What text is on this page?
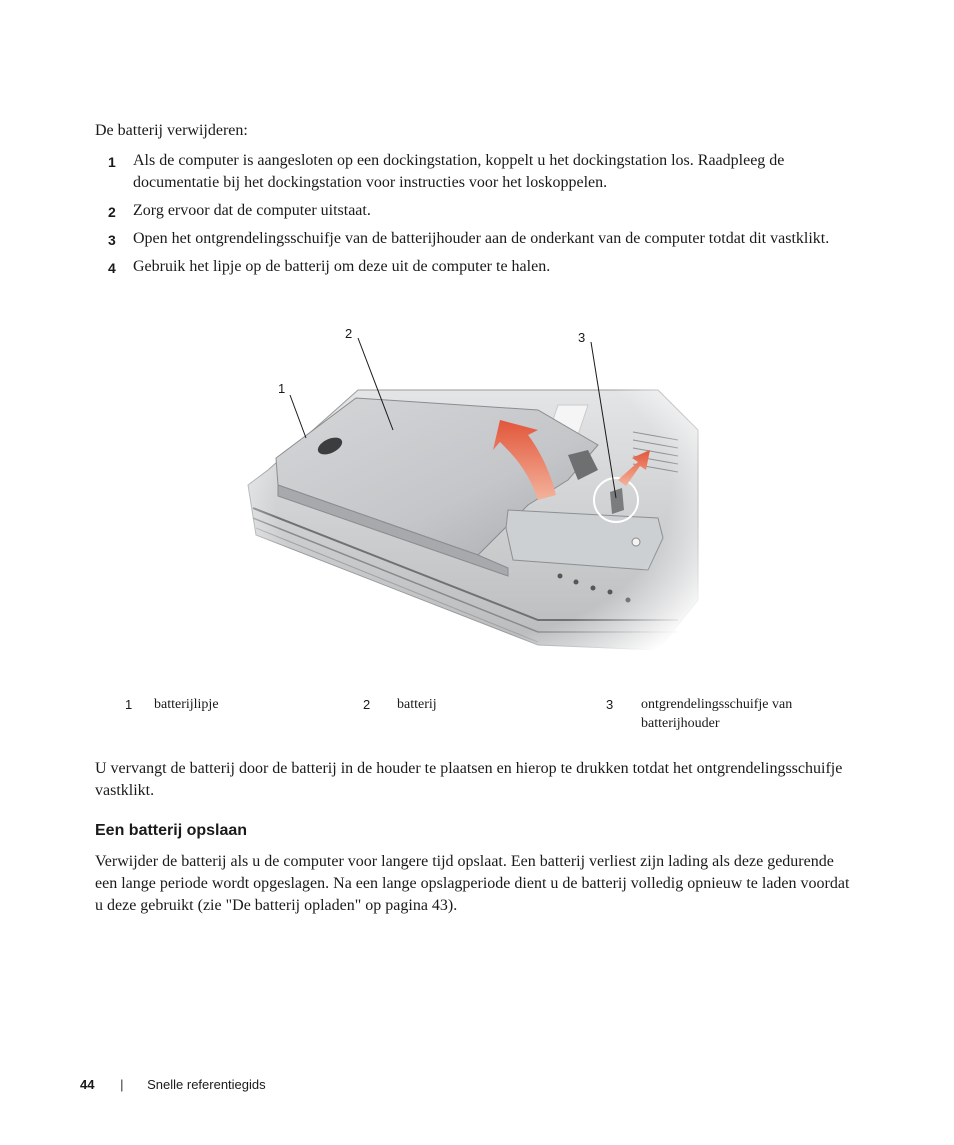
De batterij verwijderen:
1 Als de computer is aangesloten op een dockingstation, koppelt u het dockingstation los. Raadpleeg de documentatie bij het dockingstation voor instructies voor het loskoppelen.
2 Zorg ervoor dat de computer uitstaat.
3 Open het ontgrendelingsschuifje van de batterijhouder aan de onderkant van de computer totdat dit vastklikt.
4 Gebruik het lipje op de batterij om deze uit de computer te halen.
1
2	3
1 batterijlipje	2 batterij	3 ontgrendelingsschuifje van batterijhouder
U vervangt de batterij door de batterij in de houder te plaatsen en hierop te drukken totdat het ontgrendelingsschuifje vastklikt.
Een batterij opslaan
Verwijder de batterij als u de computer voor langere tijd opslaat. Een batterij verliest zijn lading als deze gedurende een lange periode wordt opgeslagen. Na een lange opslagperiode dient u de batterij volledig opnieuw te laden voordat u deze gebruikt (zie "De batterij opladen" op pagina 43).
44 | Snelle referentiegids
